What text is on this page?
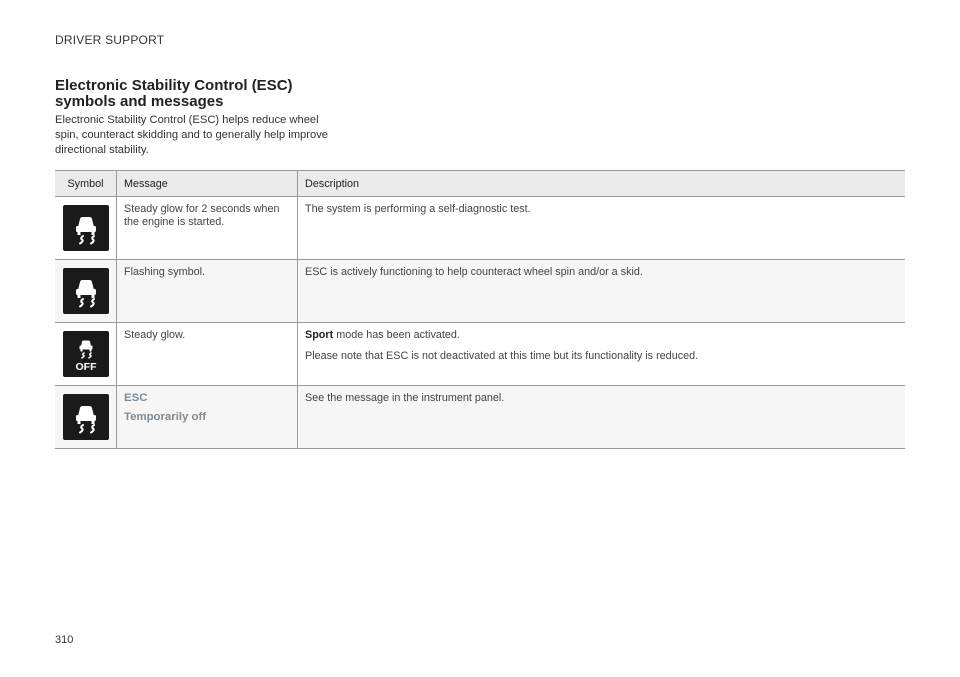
DRIVER SUPPORT
Electronic Stability Control (ESC) symbols and messages
Electronic Stability Control (ESC) helps reduce wheel spin, counteract skidding and to generally help improve directional stability.
Symbol	Message	Description

	Steady glow for 2 seconds when the engine is started.	The system is performing a self-diagnostic test.

	Flashing symbol.	ESC is actively functioning to help counteract wheel spin and/or a skid.

OFF	Steady glow.	Sport mode has been activated.

Please note that ESC is not deactivated at this time but its functionality is reduced.

ESC
Temporarily off	See the message in the instrument panel.

310
